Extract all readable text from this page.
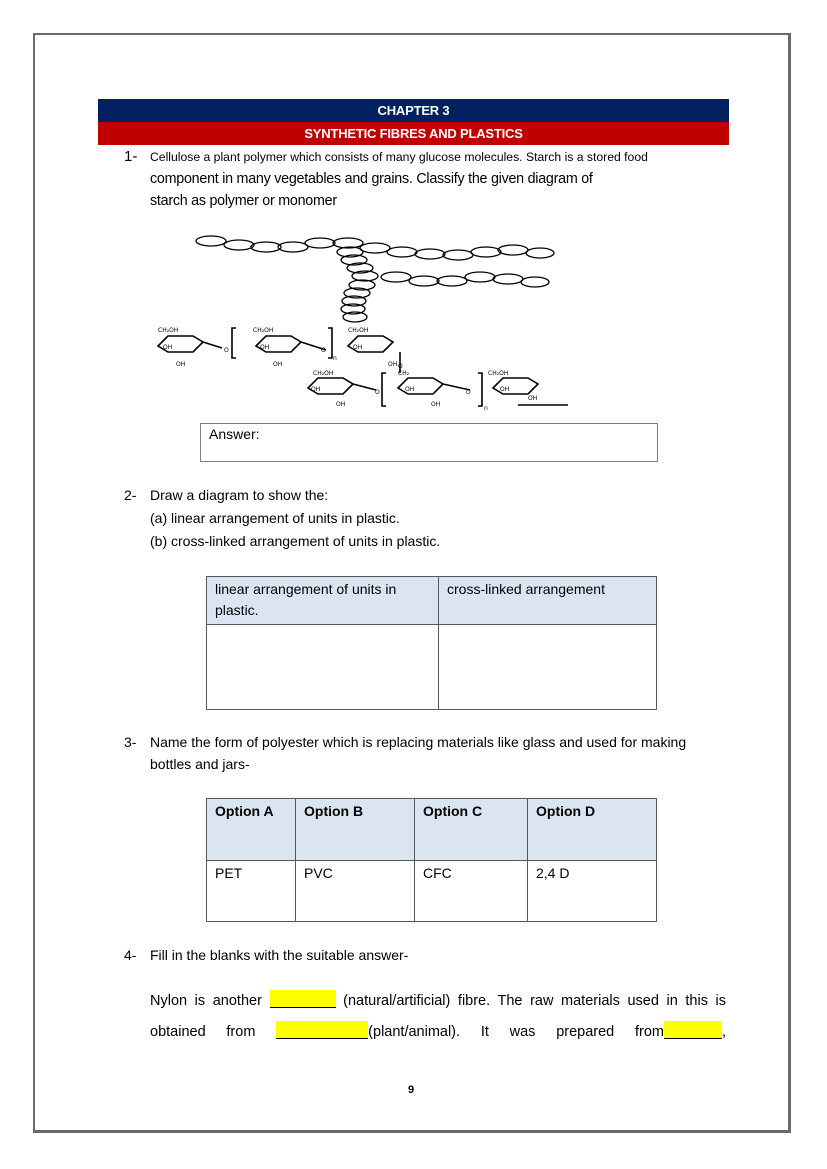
CHAPTER 3
SYNTHETIC FIBRES AND PLASTICS
1- Cellulose a plant polymer which consists of many glucose molecules. Starch is a stored food
component in many vegetables and grains. Classify the given diagram of starch as polymer or monomer
CH₂OH	CH₂OH	CH₂OH
OH
OH
OH
OH
OH
OH
O	O
n
O
CH₂OH	CH₂	CH₂OH
OH
OH
OH
OH
OH
OH
O	O
n
Answer:
2- Draw a diagram to show the:
(a) linear arrangement of units in plastic.
(b) cross-linked arrangement of units in plastic.
linear arrangement of units in plastic.	cross-linked arrangement

3- Name the form of polyester which is replacing materials like glass and used for making bottles and jars-
Option A	Option B	Option C	Option D
PET	PVC	CFC	2,4 D
4- Fill in the blanks with the suitable answer-
Nylon is another	(natural/artificial) fibre. The raw materials used in this is
obtained from	(plant/animal). It was prepared from	,
9
